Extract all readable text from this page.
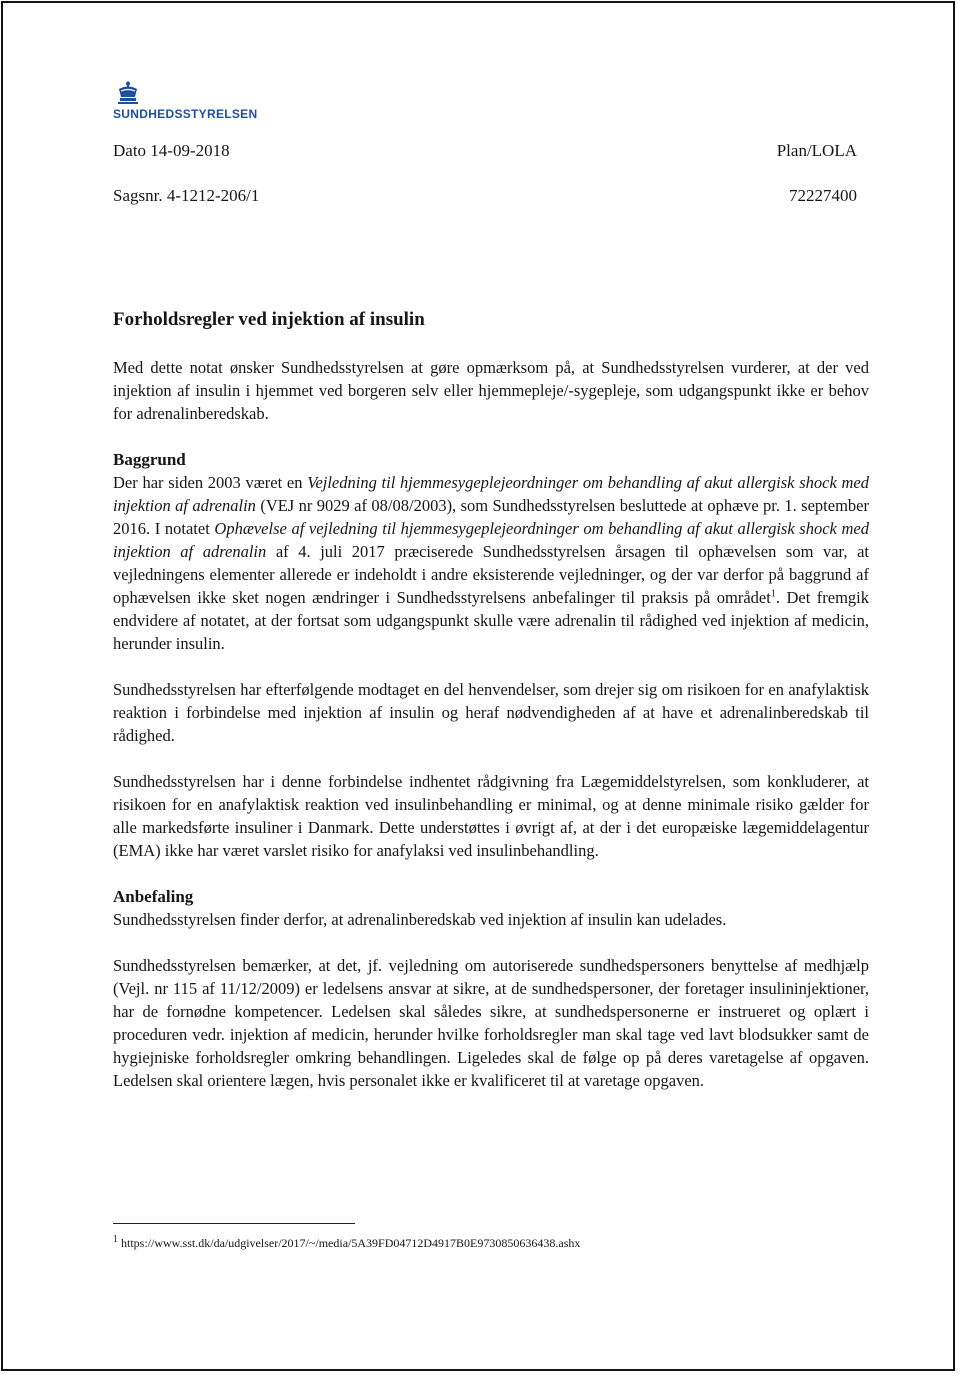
SUNDHEDSSTYRELSEN
Dato 14-09-2018	Plan/LOLA
Sagsnr. 4-1212-206/1	72227400
Forholdsregler ved injektion af insulin

Med dette notat ønsker Sundhedsstyrelsen at gøre opmærksom på, at Sundhedsstyrelsen vurderer, at der ved injektion af insulin i hjemmet ved borgeren selv eller hjemmepleje/-sygepleje, som udgangspunkt ikke er behov for adrenalinberedskab.

Baggrund

Der har siden 2003 været en Vejledning til hjemmesygeplejeordninger om behandling af akut allergisk shock med injektion af adrenalin (VEJ nr 9029 af 08/08/2003), som Sundhedsstyrelsen besluttede at ophæve pr. 1. september 2016. I notatet Ophævelse af vejledning til hjemmesygeplejeordninger om behandling af akut allergisk shock med injektion af adrenalin af 4. juli 2017 præciserede Sundhedsstyrelsen årsagen til ophævelsen som var, at vejledningens elementer allerede er indeholdt i andre eksisterende vejledninger, og der var derfor på baggrund af ophævelsen ikke sket nogen ændringer i Sundhedsstyrelsens anbefalinger til praksis på området$^1$. Det fremgik endvidere af notatet, at der fortsat som udgangspunkt skulle være adrenalin til rådighed ved injektion af medicin, herunder insulin.

Sundhedsstyrelsen har efterfølgende modtaget en del henvendelser, som drejer sig om risikoen for en anafylaktisk reaktion i forbindelse med injektion af insulin og heraf nødvendigheden af at have et adrenalinberedskab til rådighed.

Sundhedsstyrelsen har i denne forbindelse indhentet rådgivning fra Lægemiddelstyrelsen, som konkluderer, at risikoen for en anafylaktisk reaktion ved insulinbehandling er minimal, og at denne minimale risiko gælder for alle markedsførte insuliner i Danmark. Dette understøttes i øvrigt af, at der i det europæiske lægemiddelagentur (EMA) ikke har været varslet risiko for anafylaksi ved insulinbehandling.

Anbefaling

Sundhedsstyrelsen finder derfor, at adrenalinberedskab ved injektion af insulin kan udelades.

Sundhedsstyrelsen bemærker, at det, jf. vejledning om autoriserede sundhedspersoners benyttelse af medhjælp (Vejl. nr 115 af 11/12/2009) er ledelsens ansvar at sikre, at de sundhedspersoner, der foretager insulininjektioner, har de fornødne kompetencer. Ledelsen skal således sikre, at sundhedspersonerne er instrueret og oplært i proceduren vedr. injektion af medicin, herunder hvilke forholdsregler man skal tage ved lavt blodsukker samt de hygiejniske forholdsregler omkring behandlingen. Ligeledes skal de følge op på deres varetagelse af opgaven. Ledelsen skal orientere lægen, hvis personalet ikke er kvalificeret til at varetage opgaven.

$^1$ https://www.sst.dk/da/udgivelser/2017/~/media/5A39FD04712D4917B0E9730850636438.ashx
